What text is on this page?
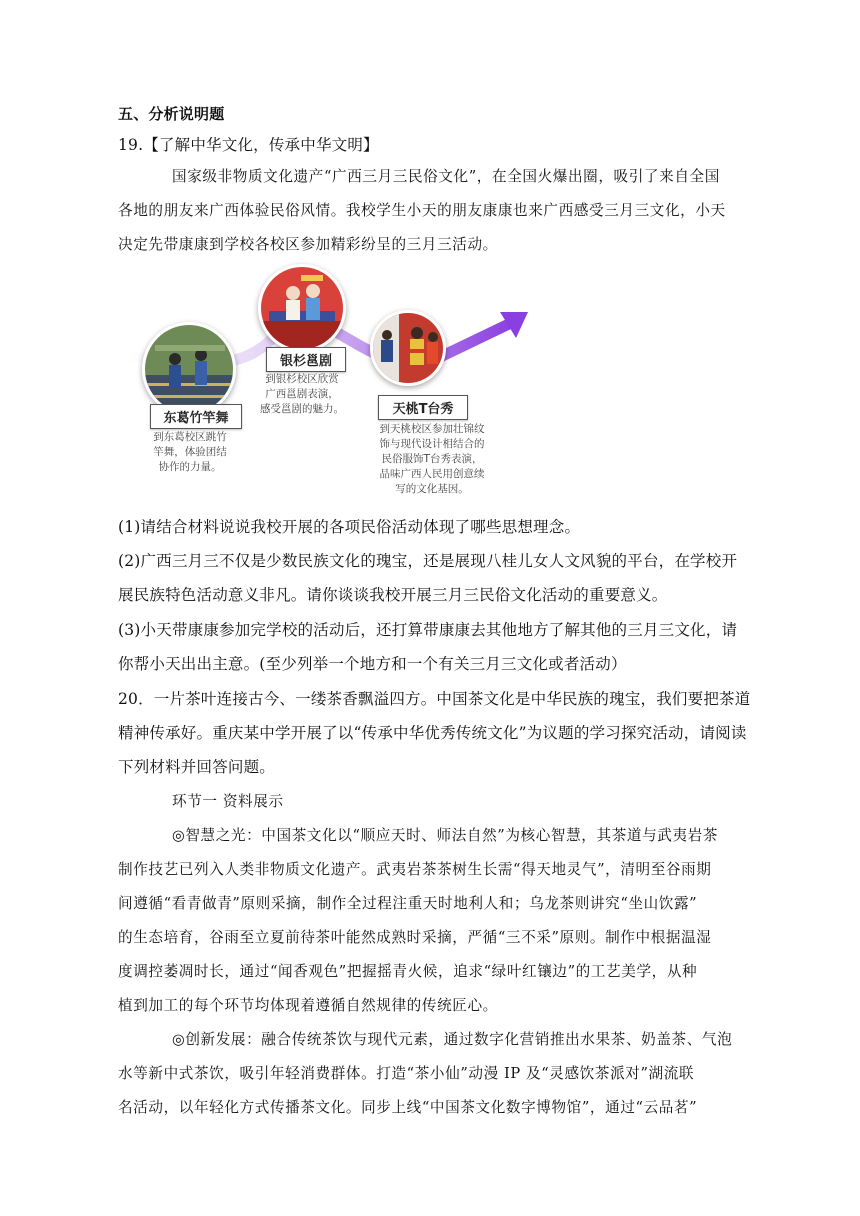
五、分析说明题
19.【了解中华文化，传承中华文明】
国家级非物质文化遗产“广西三月三民俗文化”，在全国火爆出圈，吸引了来自全国
各地的朋友来广西体验民俗风情。我校学生小天的朋友康康也来广西感受三月三文化，小天
决定先带康康到学校各校区参加精彩纷呈的三月三活动。
东葛竹竿舞
到东葛校区跳竹
竿舞，体验团结
协作的力量。
银杉邕剧
到银杉校区欣赏
广西邕剧表演，
感受邕剧的魅力。	天桃T台秀
到天桃校区参加壮锦纹
饰与现代设计相结合的
民俗服饰T台秀表演，
品味广西人民用创意续
写的文化基因。
(1)请结合材料说说我校开展的各项民俗活动体现了哪些思想理念。
(2)广西三月三不仅是少数民族文化的瑰宝，还是展现八桂儿女人文风貌的平台，在学校开
展民族特色活动意义非凡。请你谈谈我校开展三月三民俗文化活动的重要意义。
(3)小天带康康参加完学校的活动后，还打算带康康去其他地方了解其他的三月三文化，请
你帮小天出出主意。(至少列举一个地方和一个有关三月三文化或者活动）
20．一片茶叶连接古今、一缕茶香飘溢四方。中国茶文化是中华民族的瑰宝，我们要把茶道
精神传承好。重庆某中学开展了以“传承中华优秀传统文化”为议题的学习探究活动，请阅读
下列材料并回答问题。
环节一 资料展示
◎智慧之光：中国茶文化以“顺应天时、师法自然”为核心智慧，其茶道与武夷岩茶
制作技艺已列入人类非物质文化遗产。武夷岩茶茶树生长需“得天地灵气”，清明至谷雨期
间遵循“看青做青”原则采摘，制作全过程注重天时地利人和；乌龙茶则讲究“坐山饮露”
的生态培育，谷雨至立夏前待茶叶能然成熟时采摘，严循“三不采”原则。制作中根据温湿
度调控萎凋时长，通过“闻香观色”把握摇青火候，追求“绿叶红镶边”的工艺美学，从种
植到加工的每个环节均体现着遵循自然规律的传统匠心。
◎创新发展：融合传统茶饮与现代元素，通过数字化营销推出水果茶、奶盖茶、气泡
水等新中式茶饮，吸引年轻消费群体。打造“茶小仙”动漫 IP 及“灵感饮茶派对”湖流联
名活动，以年轻化方式传播茶文化。同步上线“中国茶文化数字博物馆”，通过“云品茗”
